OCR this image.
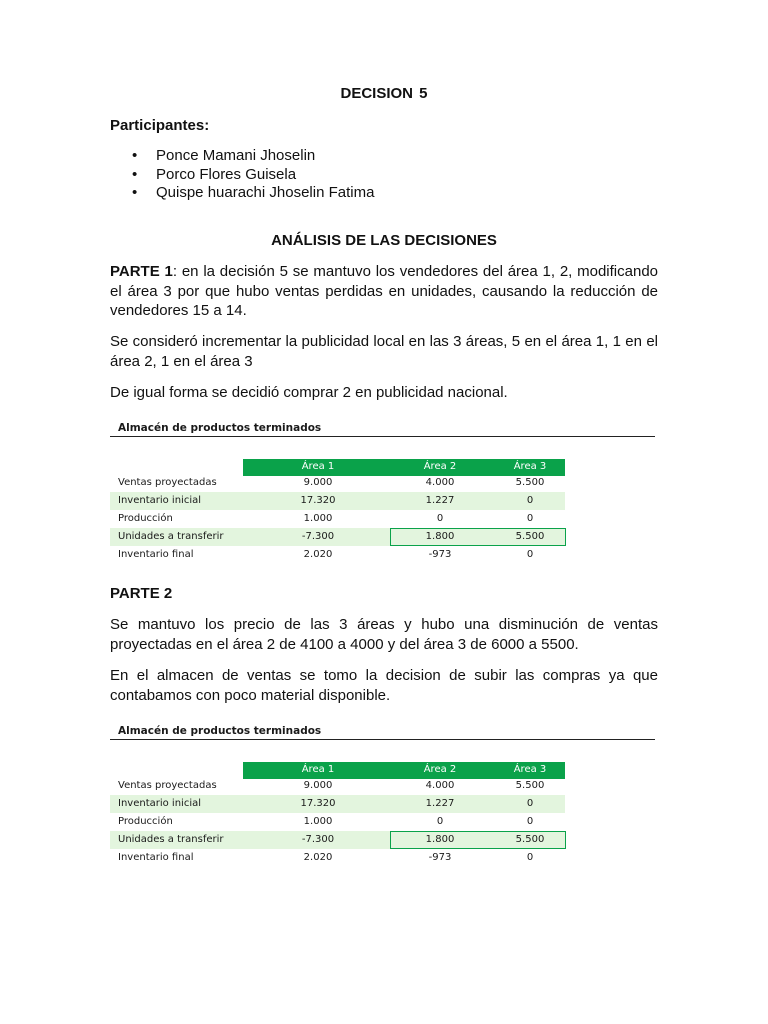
DECISION 5
Participantes:
• Ponce Mamani Jhoselin
• Porco Flores Guisela
• Quispe huarachi Jhoselin Fatima
ANÁLISIS DE LAS DECISIONES

PARTE 1: en la decisión 5 se mantuvo los vendedores del área 1, 2, modificando el área 3 por que hubo ventas perdidas en unidades, causando la reducción de vendedores 15 a 14.

Se consideró incrementar la publicidad local en las 3 áreas, 5 en el área 1, 1 en el área 2, 1 en el área 3

De igual forma se decidió comprar 2 en publicidad nacional.

Almacén de productos terminados
Área 1	Área 2	Área 3
Ventas proyectadas	9.000	4.000	5.500
Inventario inicial	17.320	1.227	0
Producción	1.000	0	0
Unidades a transferir	-7.300	1.800	5.500
Inventario final	2.020	-973	0
PARTE 2

Se mantuvo los precio de las 3 áreas y hubo una disminución de ventas proyectadas en el área 2 de 4100 a 4000 y del área 3 de 6000 a 5500.

En el almacen de ventas se tomo la decision de subir las compras ya que contabamos con poco material disponible.

Almacén de productos terminados
Área 1	Área 2	Área 3
Ventas proyectadas	9.000	4.000	5.500
Inventario inicial	17.320	1.227	0
Producción	1.000	0	0
Unidades a transferir	-7.300	1.800	5.500
Inventario final	2.020	-973	0
